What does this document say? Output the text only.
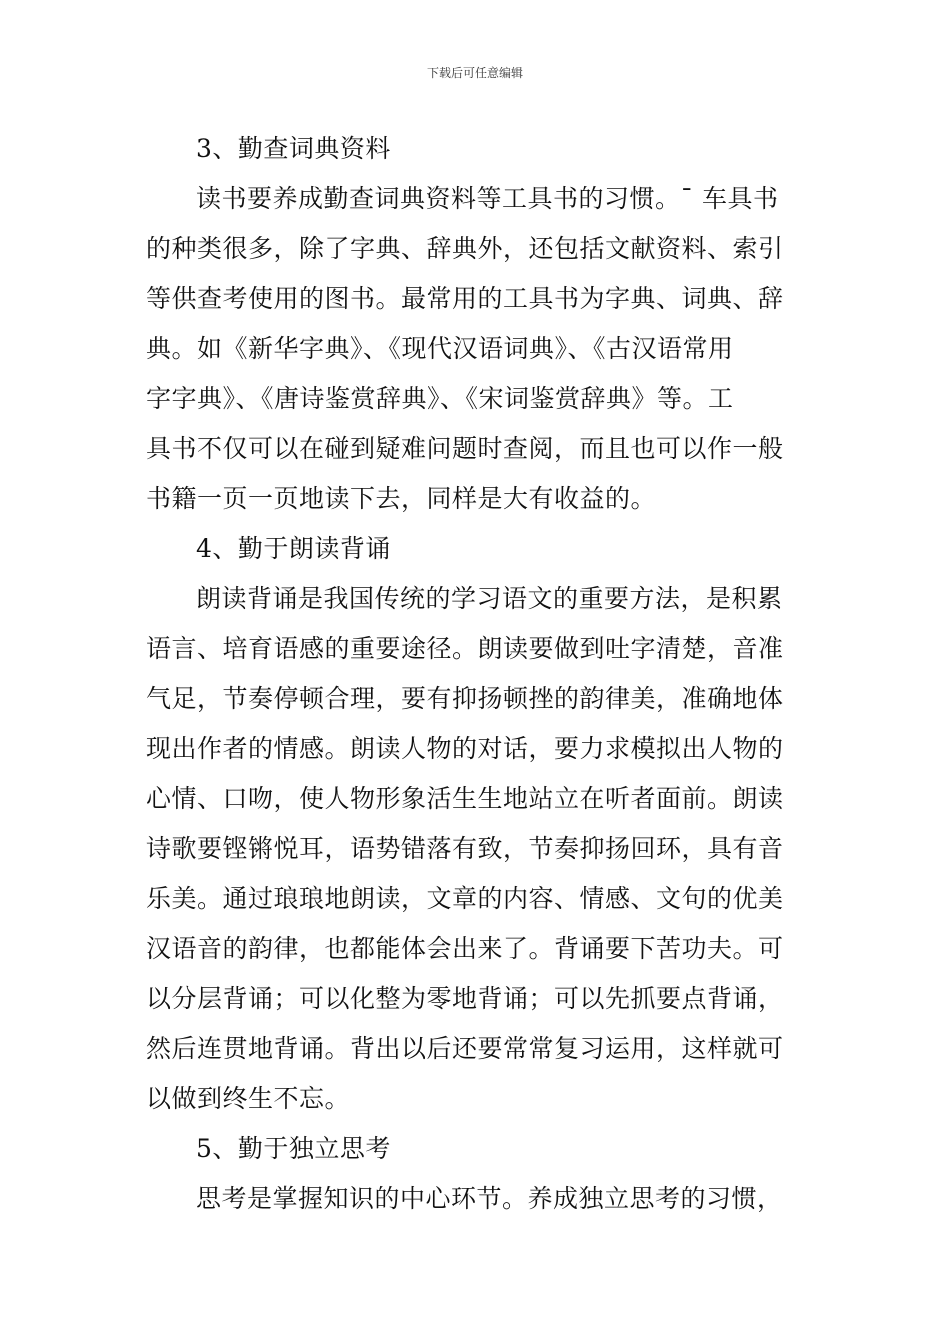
下载后可任意编辑
3、勤查词典资料
读书要养成勤查词典资料等工具书的习惯。¯ 车具书
的种类很多，除了字典、辞典外，还包括文献资料、索引
等供查考使用的图书。最常用的工具书为字典、词典、辞
典。如《新华字典》、《现代汉语词典》、《古汉语常用
字字典》、《唐诗鉴赏辞典》、《宋词鉴赏辞典》等。工
具书不仅可以在碰到疑难问题时查阅，而且也可以作一般
书籍一页一页地读下去，同样是大有收益的。
4、勤于朗读背诵
朗读背诵是我国传统的学习语文的重要方法，是积累
语言、培育语感的重要途径。朗读要做到吐字清楚，音准
气足，节奏停顿合理，要有抑扬顿挫的韵律美，准确地体
现出作者的情感。朗读人物的对话，要力求模拟出人物的
心情、口吻，使人物形象活生生地站立在听者面前。朗读
诗歌要铿锵悦耳，语势错落有致，节奏抑扬回环，具有音
乐美。通过琅琅地朗读，文章的内容、情感、文句的优美
汉语音的韵律，也都能体会出来了。背诵要下苦功夫。可
以分层背诵；可以化整为零地背诵；可以先抓要点背诵，
然后连贯地背诵。背出以后还要常常复习运用，这样就可
以做到终生不忘。
5、勤于独立思考
思考是掌握知识的中心环节。养成独立思考的习惯，
